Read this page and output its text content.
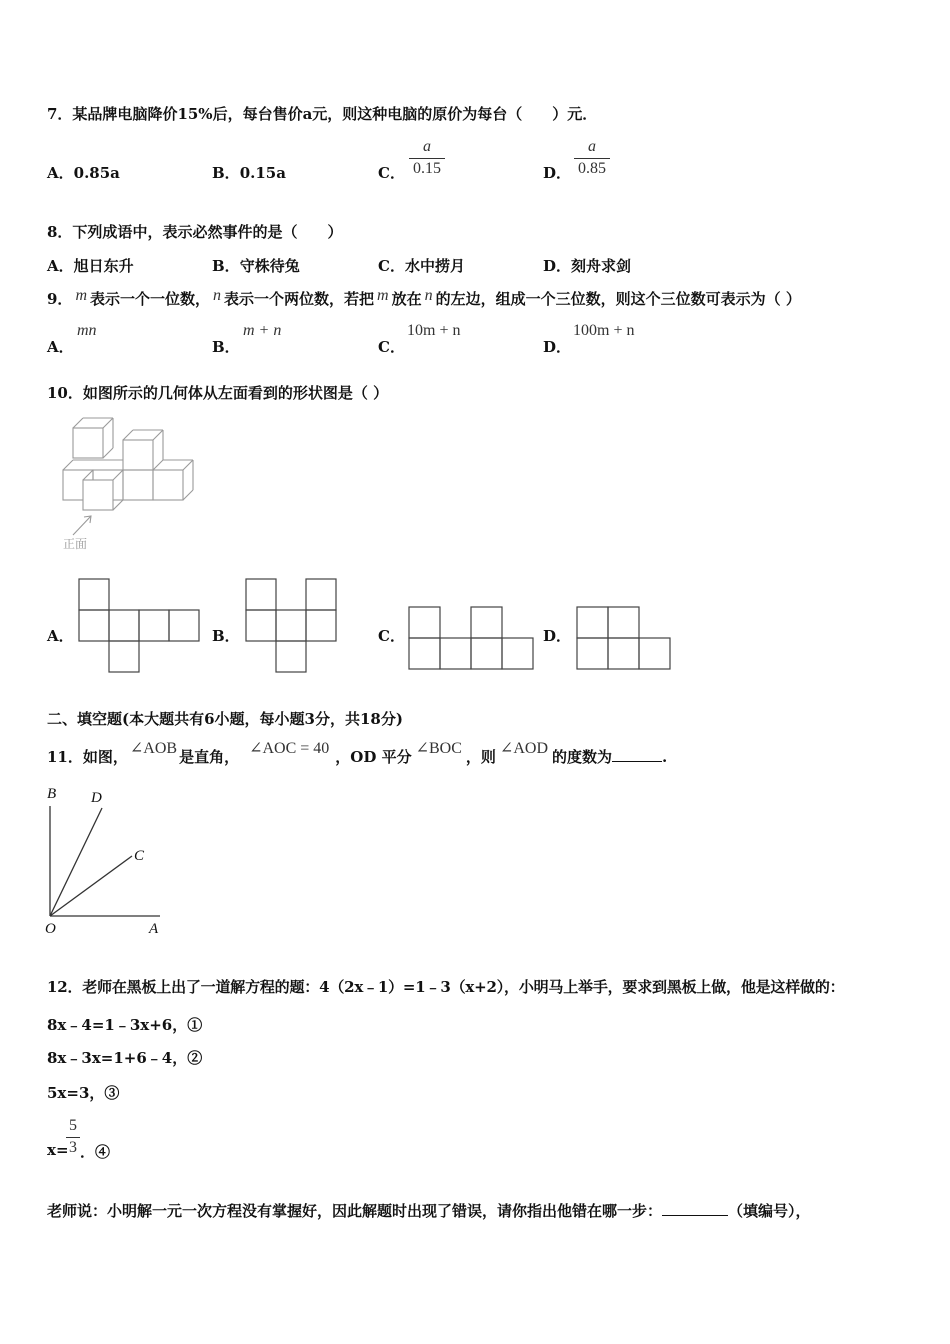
7．某品牌电脑降价15%后，每台售价a元，则这种电脑的原价为每台（　　）元．
A．0.85a	B．0.15a	C．
a
0.15	D．
a
0.85
8．下列成语中，表示必然事件的是（　　）
A．旭日东升	B．守株待兔	C．水中捞月	D．刻舟求剑
9． m 表示一个一位数， n 表示一个两位数，若把 m 放在 n 的左边，组成一个三位数，则这个三位数可表示为（ ）
A．
mn
B．
m + n
C．
10m + n
D．
100m + n
10．如图所示的几何体从左面看到的形状图是（ ）
正面
A．	B．	C．	D．
二、填空题(本大题共有6小题，每小题3分，共18分)
11．如图， ∠AOB 是直角， ∠AOC = 40 ，OD 平分 ∠BOC ，则 ∠AOD 的度数为	.
B D
C
O	A
12．老师在黑板上出了一道解方程的题：4（2x﹣1）=1﹣3（x+2），小明马上举手，要求到黑板上做，他是这样做的：
8x﹣4=1﹣3x+6，①
8x﹣3x=1+6﹣4，②
5x=3，③
x=
5
3 ．④
老师说：小明解一元一次方程没有掌握好，因此解题时出现了错误，请你指出他错在哪一步：	（填编号），
